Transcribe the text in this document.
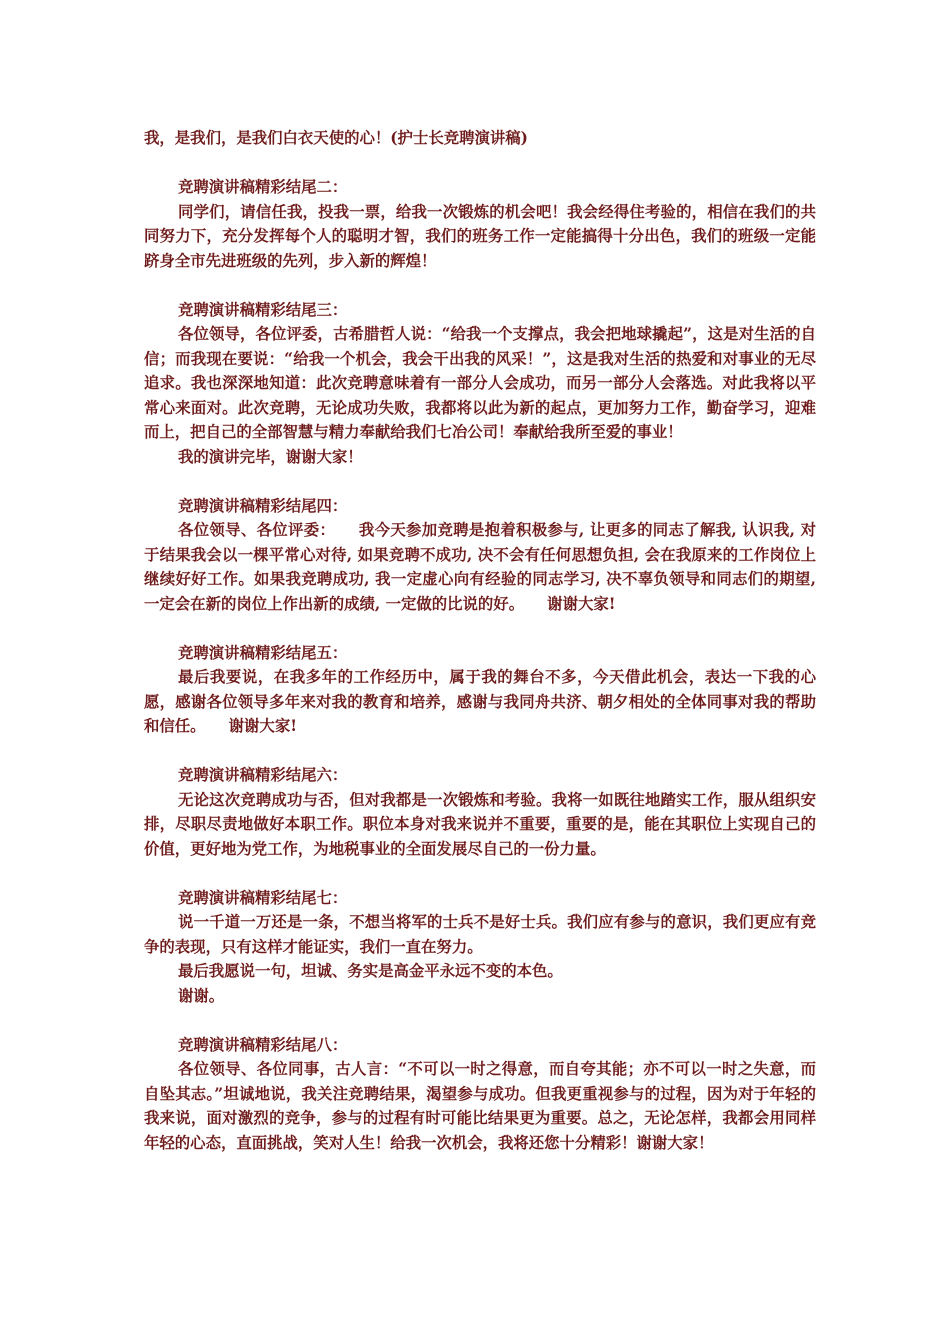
我，是我们，是我们白衣天使的心！(护士长竞聘演讲稿)
竞聘演讲稿精彩结尾二：
同学们，请信任我，投我一票，给我一次锻炼的机会吧！我会经得住考验的，相信在我们的共同努力下，充分发挥每个人的聪明才智，我们的班务工作一定能搞得十分出色，我们的班级一定能跻身全市先进班级的先列，步入新的辉煌！
竞聘演讲稿精彩结尾三：
各位领导，各位评委，古希腊哲人说：“给我一个支撑点，我会把地球撬起”，这是对生活的自信；而我现在要说：“给我一个机会，我会干出我的风采！”，这是我对生活的热爱和对事业的无尽追求。我也深深地知道：此次竞聘意味着有一部分人会成功，而另一部分人会落选。对此我将以平常心来面对。此次竞聘，无论成功失败，我都将以此为新的起点，更加努力工作，勤奋学习，迎难而上，把自己的全部智慧与精力奉献给我们七冶公司！奉献给我所至爱的事业！
我的演讲完毕，谢谢大家！
竞聘演讲稿精彩结尾四：
各位领导、各位评委：　　我今天参加竞聘是抱着积极参与, 让更多的同志了解我, 认识我, 对于结果我会以一棵平常心对待, 如果竞聘不成功, 决不会有任何思想负担, 会在我原来的工作岗位上继续好好工作。如果我竞聘成功, 我一定虚心向有经验的同志学习, 决不辜负领导和同志们的期望, 一定会在新的岗位上作出新的成绩, 一定做的比说的好。　　谢谢大家!
竞聘演讲稿精彩结尾五：
最后我要说，在我多年的工作经历中，属于我的舞台不多，今天借此机会，表达一下我的心愿，感谢各位领导多年来对我的教育和培养，感谢与我同舟共济、朝夕相处的全体同事对我的帮助和信任。　　谢谢大家!
竞聘演讲稿精彩结尾六：
无论这次竞聘成功与否，但对我都是一次锻炼和考验。我将一如既往地踏实工作，服从组织安排，尽职尽责地做好本职工作。职位本身对我来说并不重要，重要的是，能在其职位上实现自己的价值，更好地为党工作，为地税事业的全面发展尽自己的一份力量。
竞聘演讲稿精彩结尾七：
说一千道一万还是一条，不想当将军的士兵不是好士兵。我们应有参与的意识，我们更应有竞争的表现，只有这样才能证实，我们一直在努力。
最后我愿说一句，坦诚、务实是高金平永远不变的本色。
谢谢。
竞聘演讲稿精彩结尾八：
各位领导、各位同事，古人言：“不可以一时之得意，而自夸其能；亦不可以一时之失意，而自坠其志。”坦诚地说，我关注竞聘结果，渴望参与成功。但我更重视参与的过程，因为对于年轻的我来说，面对激烈的竞争，参与的过程有时可能比结果更为重要。总之，无论怎样，我都会用同样年轻的心态，直面挑战，笑对人生！给我一次机会，我将还您十分精彩！谢谢大家！
